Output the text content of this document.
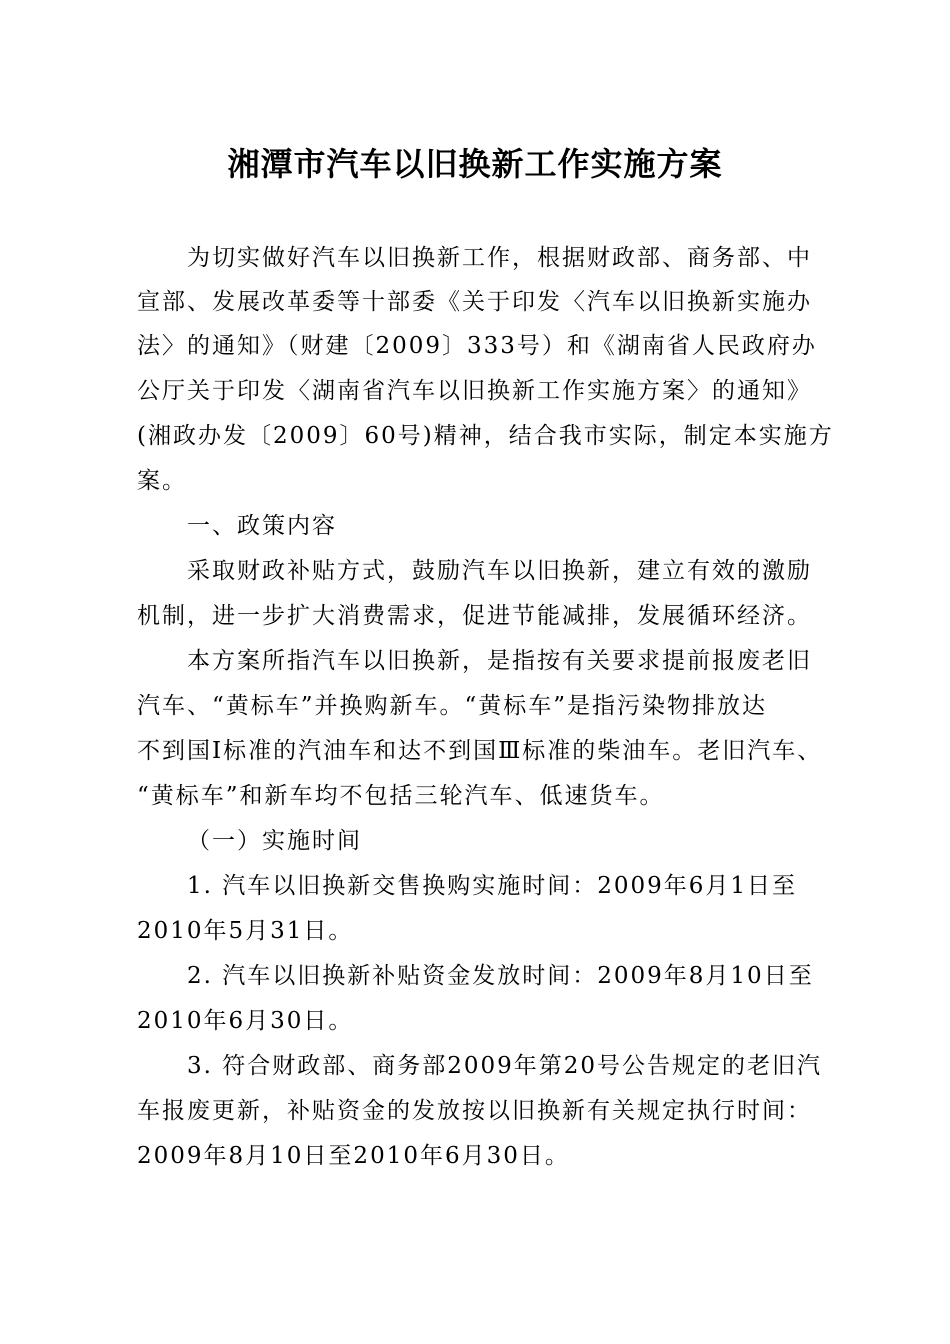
湘潭市汽车以旧换新工作实施方案
为切实做好汽车以旧换新工作，根据财政部、商务部、中
宣部、发展改革委等十部委《关于印发〈汽车以旧换新实施办
法〉的通知》（财建〔2009〕333号）和《湖南省人民政府办
公厅关于印发〈湖南省汽车以旧换新工作实施方案〉的通知》
(湘政办发〔2009〕60号)精神，结合我市实际，制定本实施方
案。
一、政策内容
采取财政补贴方式，鼓励汽车以旧换新，建立有效的激励
机制，进一步扩大消费需求，促进节能减排，发展循环经济。
本方案所指汽车以旧换新，是指按有关要求提前报废老旧
汽车、“黄标车”并换购新车。“黄标车”是指污染物排放达
不到国Ⅰ标准的汽油车和达不到国Ⅲ标准的柴油车。老旧汽车、
“黄标车”和新车均不包括三轮汽车、低速货车。
（一）实施时间
1. 汽车以旧换新交售换购实施时间：2009年6月1日至
2010年5月31日。
2. 汽车以旧换新补贴资金发放时间：2009年8月10日至
2010年6月30日。
3. 符合财政部、商务部2009年第20号公告规定的老旧汽
车报废更新，补贴资金的发放按以旧换新有关规定执行时间：
2009年8月10日至2010年6月30日。
